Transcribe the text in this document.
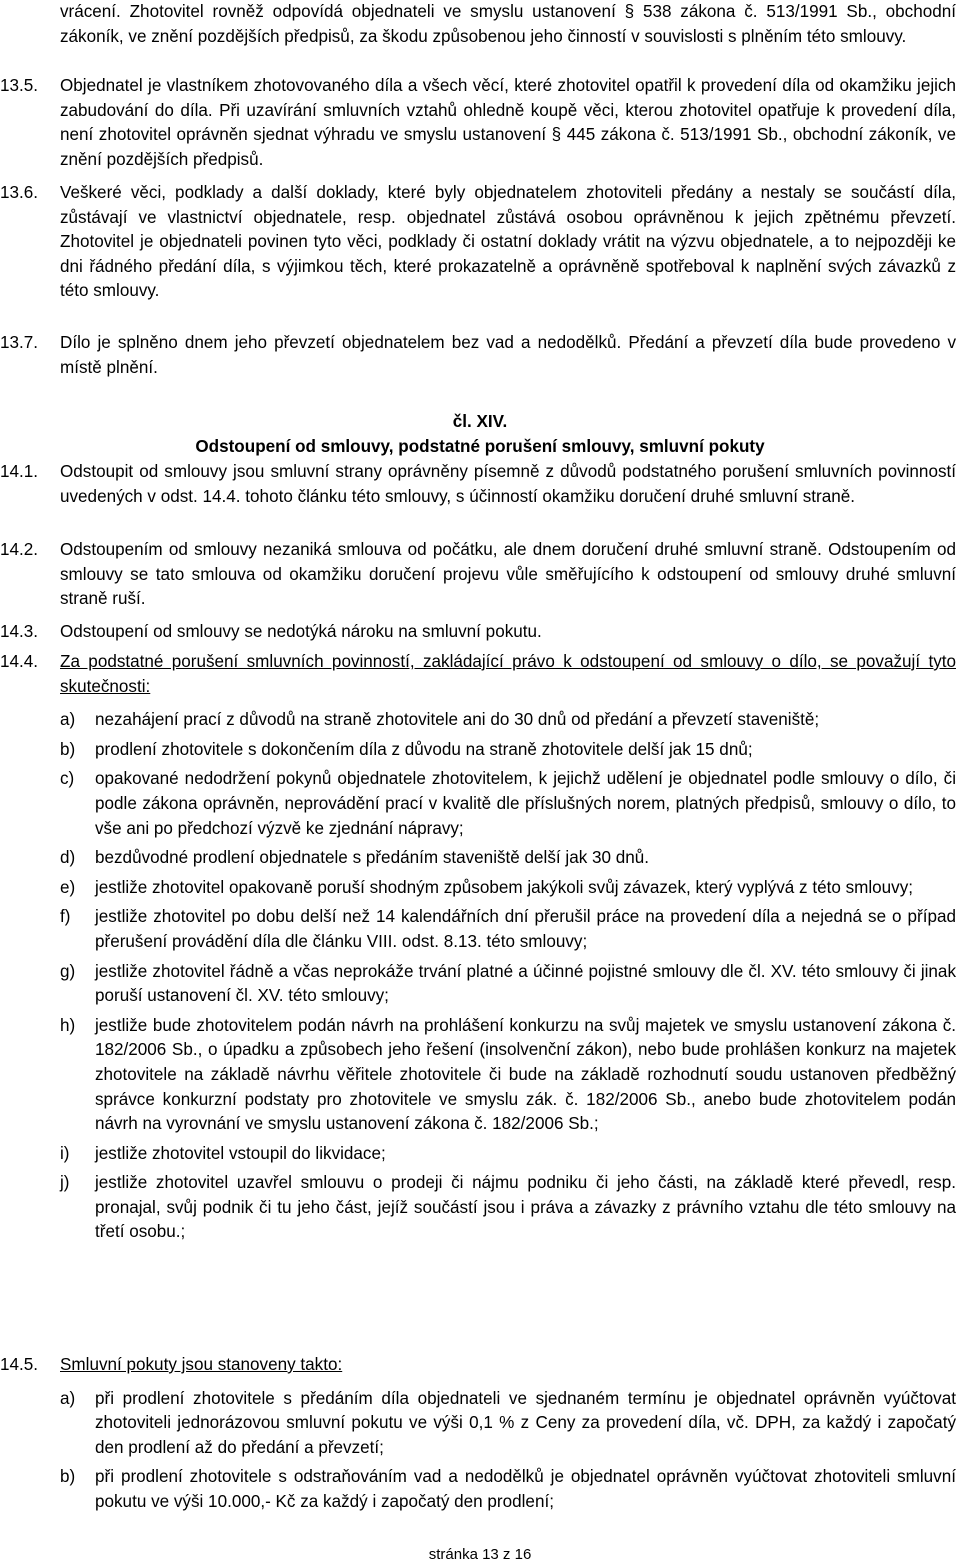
vrácení. Zhotovitel rovněž odpovídá objednateli ve smyslu ustanovení § 538 zákona č. 513/1991 Sb., obchodní zákoník, ve znění pozdějších předpisů, za škodu způsobenou jeho činností v souvislosti s plněním této smlouvy.

13.5. Objednatel je vlastníkem zhotovovaného díla a všech věcí, které zhotovitel opatřil k provedení díla od okamžiku jejich zabudování do díla. Při uzavírání smluvních vztahů ohledně koupě věci, kterou zhotovitel opatřuje k provedení díla, není zhotovitel oprávněn sjednat výhradu ve smyslu ustanovení § 445 zákona č. 513/1991 Sb., obchodní zákoník, ve znění pozdějších předpisů.

13.6. Veškeré věci, podklady a další doklady, které byly objednatelem zhotoviteli předány a nestaly se součástí díla, zůstávají ve vlastnictví objednatele, resp. objednatel zůstává osobou oprávněnou k jejich zpětnému převzetí. Zhotovitel je objednateli povinen tyto věci, podklady či ostatní doklady vrátit na výzvu objednatele, a to nejpozději ke dni řádného předání díla, s výjimkou těch, které prokazatelně a oprávněně spotřeboval k naplnění svých závazků z této smlouvy.

13.7. Dílo je splněno dnem jeho převzetí objednatelem bez vad a nedodělků. Předání a převzetí díla bude provedeno v místě plnění.

čl. XIV.
Odstoupení od smlouvy, podstatné porušení smlouvy, smluvní pokuty
14.1. Odstoupit od smlouvy jsou smluvní strany oprávněny písemně z důvodů podstatného porušení smluvních povinností uvedených v odst. 14.4. tohoto článku této smlouvy, s účinností okamžiku doručení druhé smluvní straně.

14.2. Odstoupením od smlouvy nezaniká smlouva od počátku, ale dnem doručení druhé smluvní straně. Odstoupením od smlouvy se tato smlouva od okamžiku doručení projevu vůle směřujícího k odstoupení od smlouvy druhé smluvní straně ruší.

14.3. Odstoupení od smlouvy se nedotýká nároku na smluvní pokutu.

14.4. Za podstatné porušení smluvních povinností, zakládající právo k odstoupení od smlouvy o dílo, se považují tyto skutečnosti:

a) nezahájení prací z důvodů na straně zhotovitele ani do 30 dnů od předání a převzetí staveniště;
b) prodlení zhotovitele s dokončením díla z důvodu na straně zhotovitele delší jak 15 dnů;
c) opakované nedodržení pokynů objednatele zhotovitelem, k jejichž udělení je objednatel podle smlouvy o dílo, či podle zákona oprávněn, neprovádění prací v kvalitě dle příslušných norem, platných předpisů, smlouvy o dílo, to vše ani po předchozí výzvě ke zjednání nápravy;
d) bezdůvodné prodlení objednatele s předáním staveniště delší jak 30 dnů.
e) jestliže zhotovitel opakovaně poruší shodným způsobem jakýkoli svůj závazek, který vyplývá z této smlouvy;
f) jestliže zhotovitel po dobu delší než 14 kalendářních dní přerušil práce na provedení díla a nejedná se o případ přerušení provádění díla dle článku VIII. odst. 8.13. této smlouvy;
g) jestliže zhotovitel řádně a včas neprokáže trvání platné a účinné pojistné smlouvy dle čl. XV. této smlouvy či jinak poruší ustanovení čl. XV. této smlouvy;
h) jestliže bude zhotovitelem podán návrh na prohlášení konkurzu na svůj majetek ve smyslu ustanovení zákona č. 182/2006 Sb., o úpadku a způsobech jeho řešení (insolvenční zákon), nebo bude prohlášen konkurz na majetek zhotovitele na základě návrhu věřitele zhotovitele či bude na základě rozhodnutí soudu ustanoven předběžný správce konkurzní podstaty pro zhotovitele ve smyslu zák. č. 182/2006 Sb., anebo bude zhotovitelem podán návrh na vyrovnání ve smyslu ustanovení zákona č. 182/2006 Sb.;
i) jestliže zhotovitel vstoupil do likvidace;
j) jestliže zhotovitel uzavřel smlouvu o prodeji či nájmu podniku či jeho části, na základě které převedl, resp. pronajal, svůj podnik či tu jeho část, jejíž součástí jsou i práva a závazky z právního vztahu dle této smlouvy na třetí osobu.;
14.5. Smluvní pokuty jsou stanoveny takto:

a) při prodlení zhotovitele s předáním díla objednateli ve sjednaném termínu je objednatel oprávněn vyúčtovat zhotoviteli jednorázovou smluvní pokutu ve výši 0,1 % z Ceny za provedení díla, vč. DPH, za každý i započatý den prodlení až do předání a převzetí;
b) při prodlení zhotovitele s odstraňováním vad a nedodělků je objednatel oprávněn vyúčtovat zhotoviteli smluvní pokutu ve výši 10.000,- Kč za každý i započatý den prodlení;
stránka 13 z 16
